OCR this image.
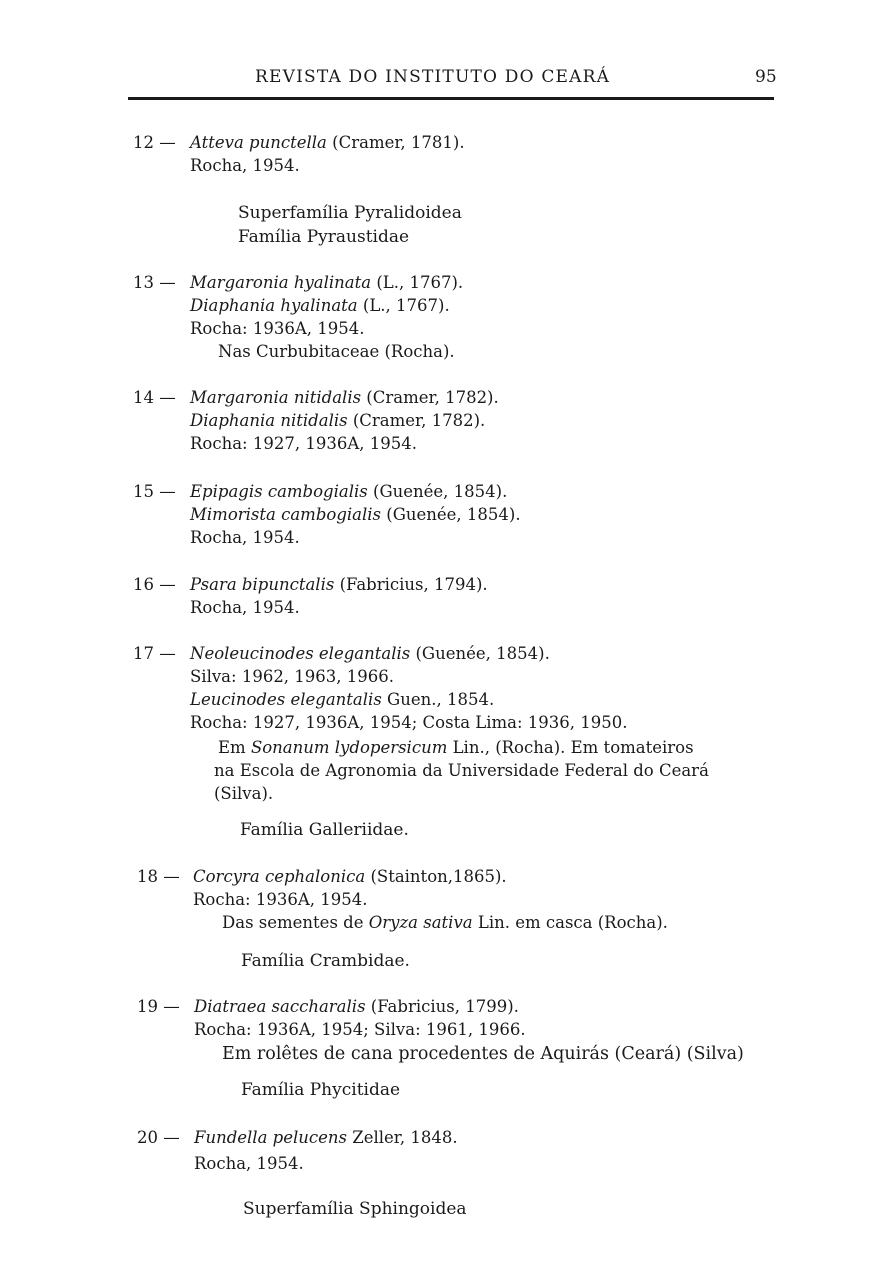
REVISTA DO INSTITUTO DO CEARÁ	95
12 — Atteva punctella (Cramer, 1781).
Rocha, 1954.
Superfamília Pyralidoidea
Família Pyraustidae
13 — Margaronia hyalinata (L., 1767).
Diaphania hyalinata (L., 1767).
Rocha: 1936A, 1954.
Nas Curbubitaceae (Rocha).
14 — Margaronia nitidalis (Cramer, 1782).
Diaphania nitidalis (Cramer, 1782).
Rocha: 1927, 1936A, 1954.
15 — Epipagis cambogialis (Guenée, 1854).
Mimorista cambogialis (Guenée, 1854).
Rocha, 1954.
16 — Psara bipunctalis (Fabricius, 1794).
Rocha, 1954.
17 — Neoleucinodes elegantalis (Guenée, 1854).
Silva: 1962, 1963, 1966.
Leucinodes elegantalis Guen., 1854.
Rocha: 1927, 1936A, 1954; Costa Lima: 1936, 1950.
Em Sonanum lydopersicum Lin., (Rocha). Em tomateiros
na Escola de Agronomia da Universidade Federal do Ceará
(Silva).
Família Galleriidae.
18 — Corcyra cephalonica (Stainton,1865).
Rocha: 1936A, 1954.
Das sementes de Oryza sativa Lin. em casca (Rocha).
Família Crambidae.
19 — Diatraea saccharalis (Fabricius, 1799).
Rocha: 1936A, 1954; Silva: 1961, 1966.
Em rolêtes de cana procedentes de Aquirás (Ceará) (Silva)
Família Phycitidae
20 — Fundella pelucens Zeller, 1848.
Rocha, 1954.
Superfamília Sphingoidea
